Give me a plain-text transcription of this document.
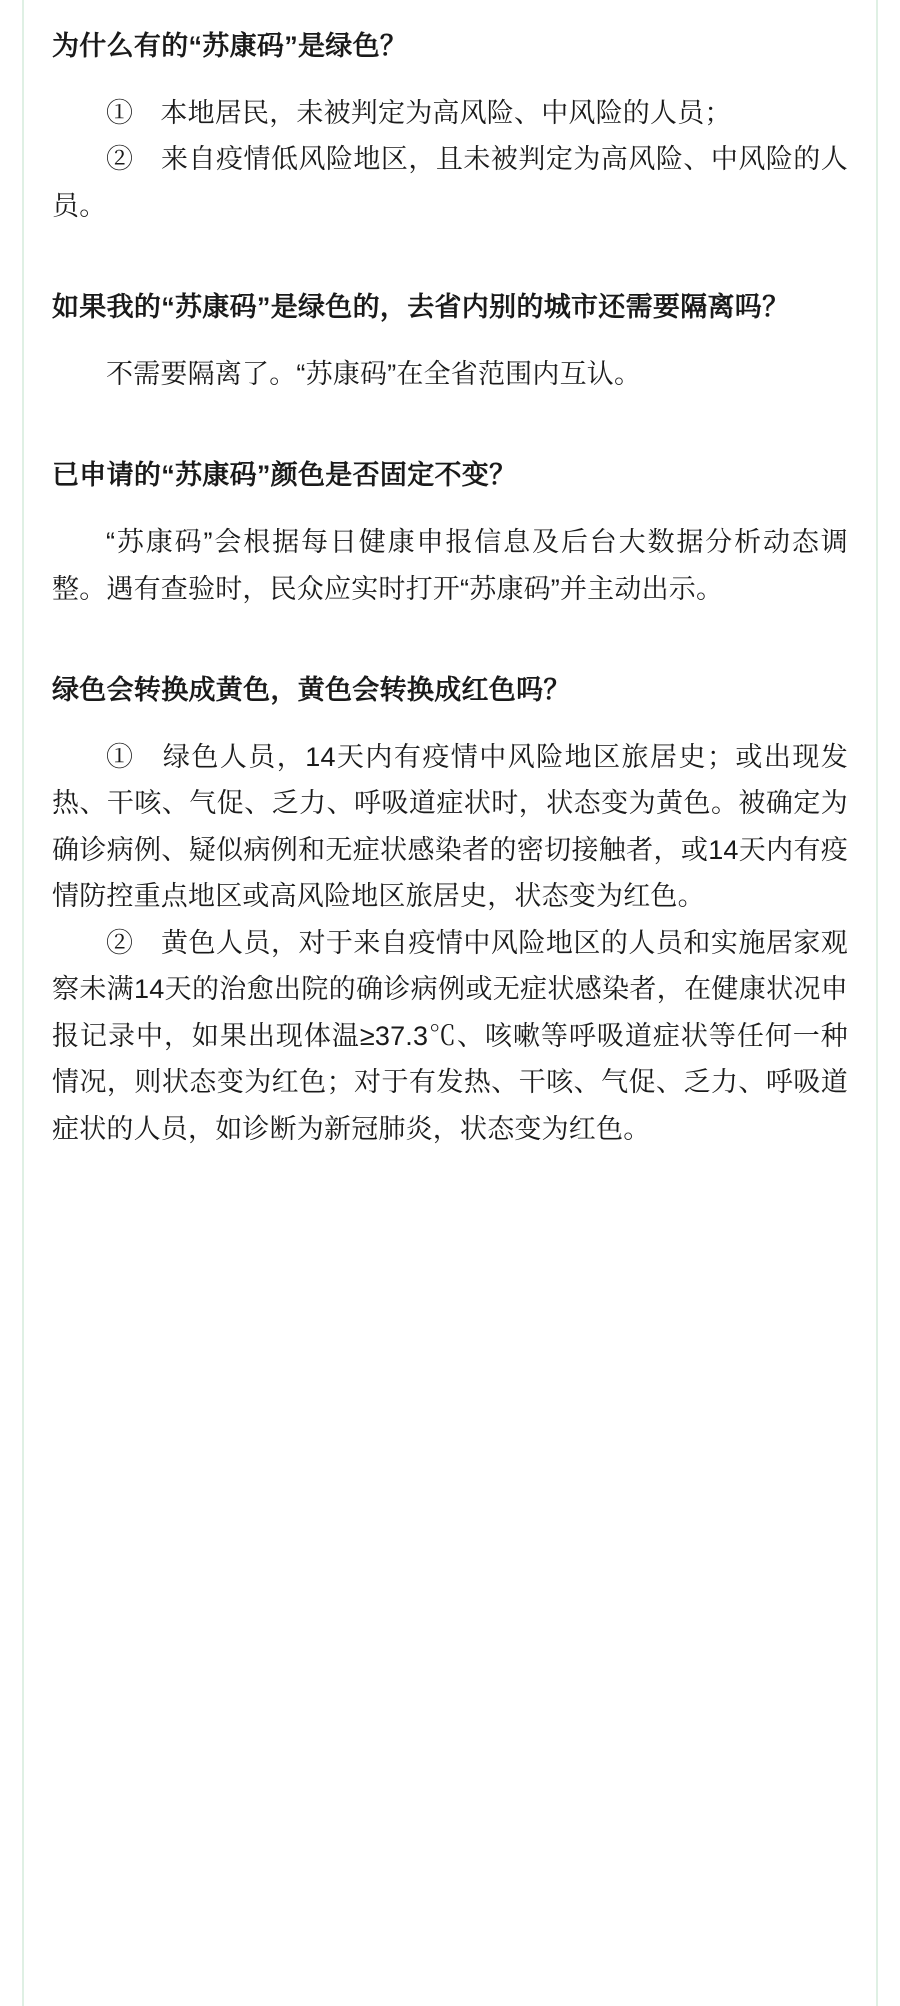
为什么有的“苏康码”是绿色？

①　本地居民，未被判定为高风险、中风险的人员；

②　来自疫情低风险地区，且未被判定为高风险、中风险的人员。

如果我的“苏康码”是绿色的，去省内别的城市还需要隔离吗？

不需要隔离了。“苏康码”在全省范围内互认。

已申请的“苏康码”颜色是否固定不变？

“苏康码”会根据每日健康申报信息及后台大数据分析动态调整。遇有查验时，民众应实时打开“苏康码”并主动出示。

绿色会转换成黄色，黄色会转换成红色吗？

①　绿色人员，14天内有疫情中风险地区旅居史；或出现发热、干咳、气促、乏力、呼吸道症状时，状态变为黄色。被确定为确诊病例、疑似病例和无症状感染者的密切接触者，或14天内有疫情防控重点地区或高风险地区旅居史，状态变为红色。

②　黄色人员，对于来自疫情中风险地区的人员和实施居家观察未满14天的治愈出院的确诊病例或无症状感染者，在健康状况申报记录中，如果出现体温≥37.3℃、咳嗽等呼吸道症状等任何一种情况，则状态变为红色；对于有发热、干咳、气促、乏力、呼吸道症状的人员，如诊断为新冠肺炎，状态变为红色。
